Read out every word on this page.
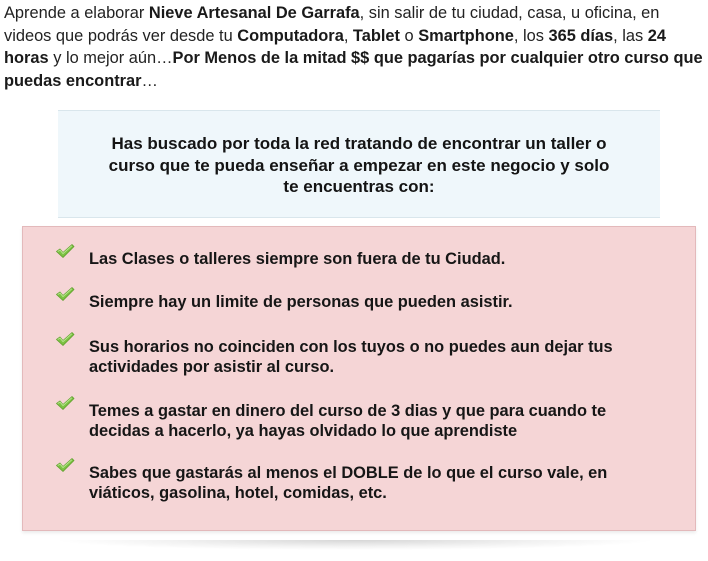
Aprende a elaborar Nieve Artesanal De Garrafa, sin salir de tu ciudad, casa, u oficina, en videos que podrás ver desde tu Computadora, Tablet o Smartphone, los 365 días, las 24 horas y lo mejor aún…Por Menos de la mitad $$ que pagarías por cualquier otro curso que puedas encontrar…

Has buscado por toda la red tratando de encontrar un taller o
curso que te pueda enseñar a empezar en este negocio y solo
te encuentras con:
Las Clases o talleres siempre son fuera de tu Ciudad.
Siempre hay un limite de personas que pueden asistir.
Sus horarios no coinciden con los tuyos o no puedes aun dejar tus
actividades por asistir al curso.
Temes a gastar en dinero del curso de 3 dias y que para cuando te
decidas a hacerlo, ya hayas olvidado lo que aprendiste
Sabes que gastarás al menos el DOBLE de lo que el curso vale, en
viáticos, gasolina, hotel, comidas, etc.
